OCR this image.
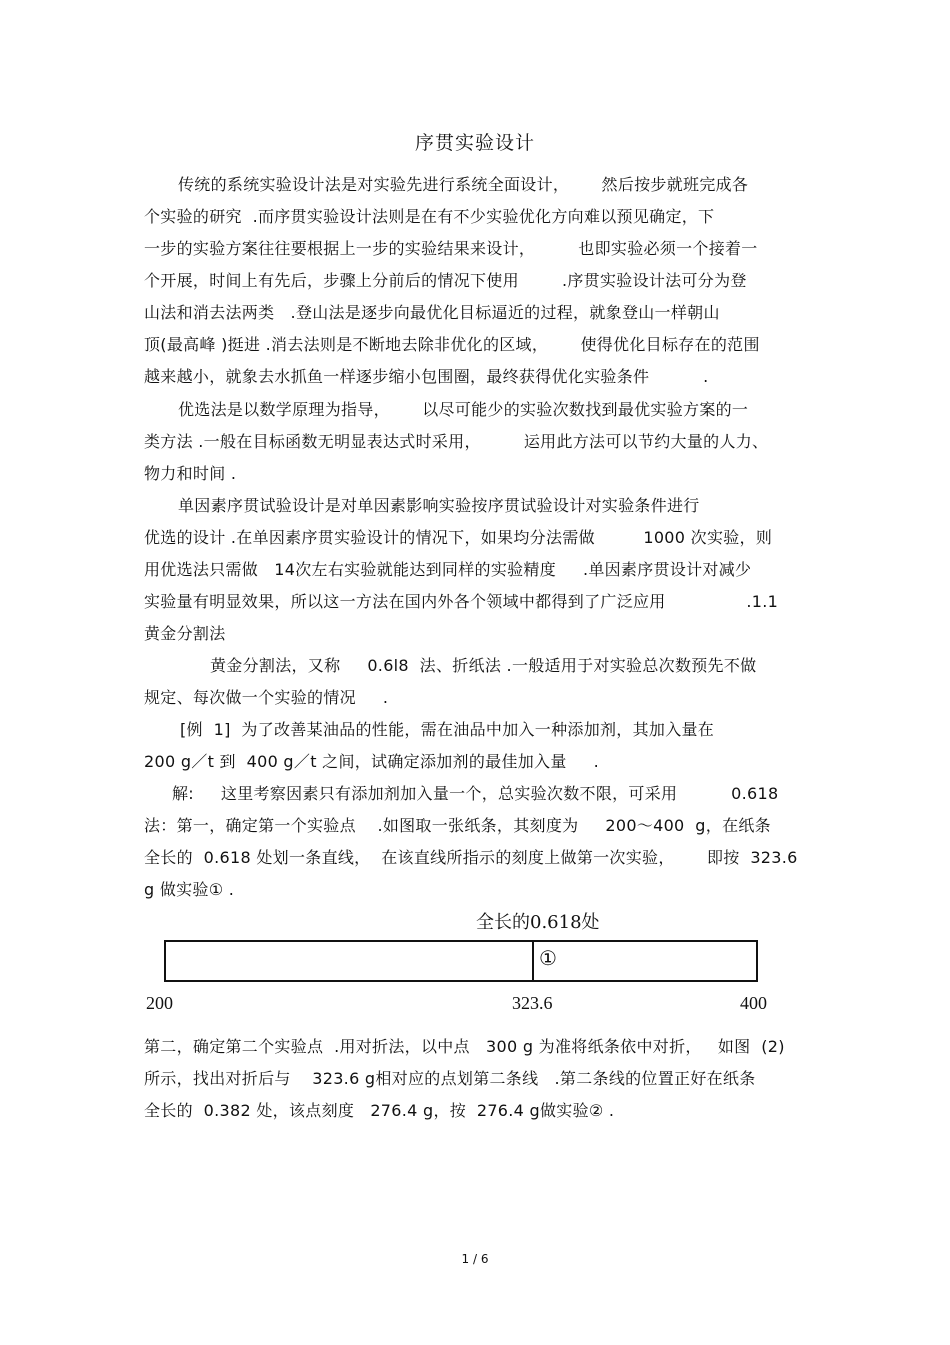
序贯实验设计
传统的系统实验设计法是对实验先进行系统全面设计，      然后按步就班完成各
个实验的研究  .而序贯实验设计法则是在有不少实验优化方向难以预见确定，下
一步的实验方案往往要根据上一步的实验结果来设计，        也即实验必须一个接着一
个开展，时间上有先后，步骤上分前后的情况下使用        .序贯实验设计法可分为登
山法和消去法两类   .登山法是逐步向最优化目标逼近的过程，就象登山一样朝山
顶(最高峰 )挺进 .消去法则是不断地去除非优化的区域，      使得优化目标存在的范围
越来越小，就象去水抓鱼一样逐步缩小包围圈，最终获得优化实验条件          .
优选法是以数学原理为指导，      以尽可能少的实验次数找到最优实验方案的一
类方法 .一般在目标函数无明显表达式时采用，        运用此方法可以节约大量的人力、
物力和时间 .
单因素序贯试验设计是对单因素影响实验按序贯试验设计对实验条件进行
优选的设计 .在单因素序贯实验设计的情况下，如果均分法需做         1000 次实验，则
用优选法只需做   14次左右实验就能达到同样的实验精度     .单因素序贯设计对减少
实验量有明显效果，所以这一方法在国内外各个领域中都得到了广泛应用               .1.1
黄金分割法
黄金分割法，又称     0.6l8  法、折纸法 .一般适用于对实验总次数预先不做
规定、每次做一个实验的情况     .
[例  1]  为了改善某油品的性能，需在油品中加入一种添加剂，其加入量在
200 g／t 到  400 g／t 之间，试确定添加剂的最佳加入量     .
解:     这里考察因素只有添加剂加入量一个，总实验次数不限，可采用          0.618
法：第一，确定第一个实验点    .如图取一张纸条，其刻度为     200～400  g，在纸条
全长的  0.618 处划一条直线，  在该直线所指示的刻度上做第一次实验，      即按  323.6
g 做实验① .
全长的0.618处
①
200	323.6	400
第二，确定第二个实验点  .用对折法，以中点   300 g 为准将纸条依中对折，   如图  (2)
所示，找出对折后与    323.6 g相对应的点划第二条线   .第二条线的位置正好在纸条
全长的  0.382 处，该点刻度   276.4 g，按  276.4 g做实验② .
1 / 6
